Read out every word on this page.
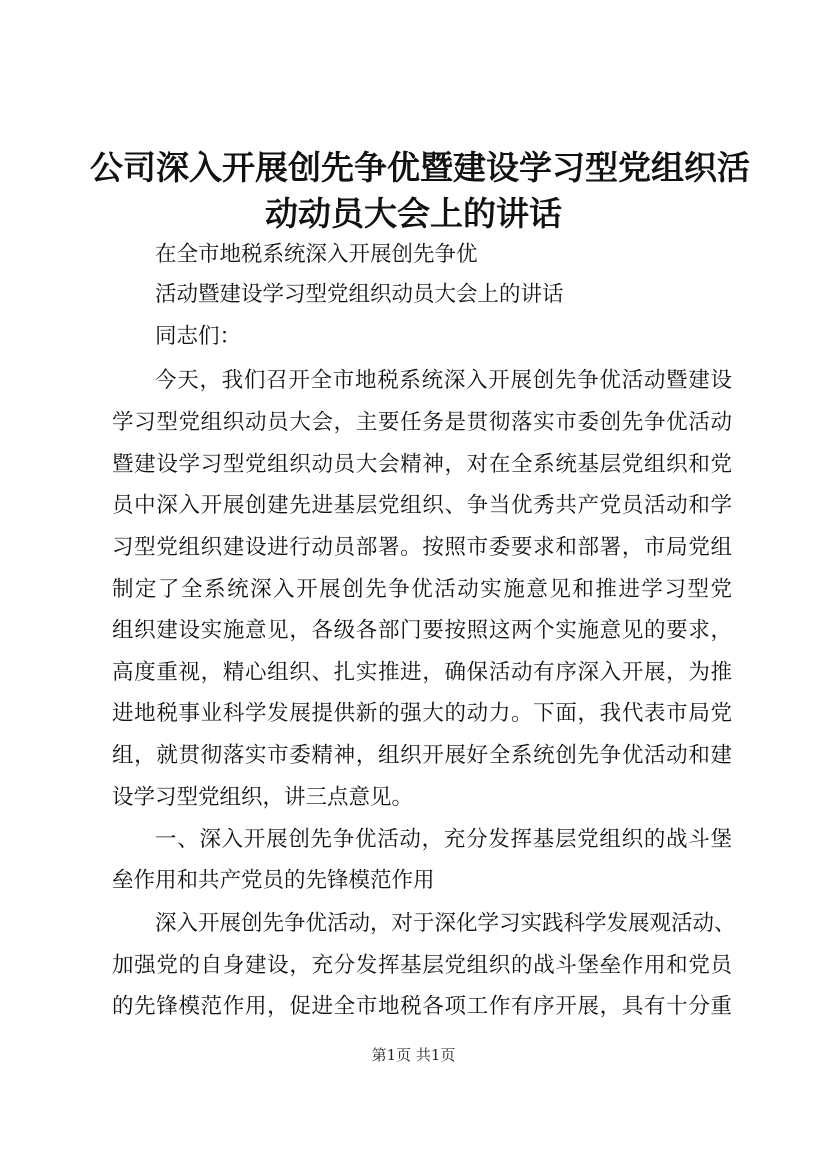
公司深入开展创先争优暨建设学习型党组织活
动动员大会上的讲话
在全市地税系统深入开展创先争优
活动暨建设学习型党组织动员大会上的讲话
同志们：
今天，我们召开全市地税系统深入开展创先争优活动暨建设
学习型党组织动员大会，主要任务是贯彻落实市委创先争优活动
暨建设学习型党组织动员大会精神，对在全系统基层党组织和党
员中深入开展创建先进基层党组织、争当优秀共产党员活动和学
习型党组织建设进行动员部署。按照市委要求和部署，市局党组
制定了全系统深入开展创先争优活动实施意见和推进学习型党
组织建设实施意见，各级各部门要按照这两个实施意见的要求，
高度重视，精心组织、扎实推进，确保活动有序深入开展，为推
进地税事业科学发展提供新的强大的动力。下面，我代表市局党
组，就贯彻落实市委精神，组织开展好全系统创先争优活动和建
设学习型党组织，讲三点意见。
一、深入开展创先争优活动，充分发挥基层党组织的战斗堡
垒作用和共产党员的先锋模范作用
深入开展创先争优活动，对于深化学习实践科学发展观活动、
加强党的自身建设，充分发挥基层党组织的战斗堡垒作用和党员
的先锋模范作用，促进全市地税各项工作有序开展，具有十分重
第1页 共1页
